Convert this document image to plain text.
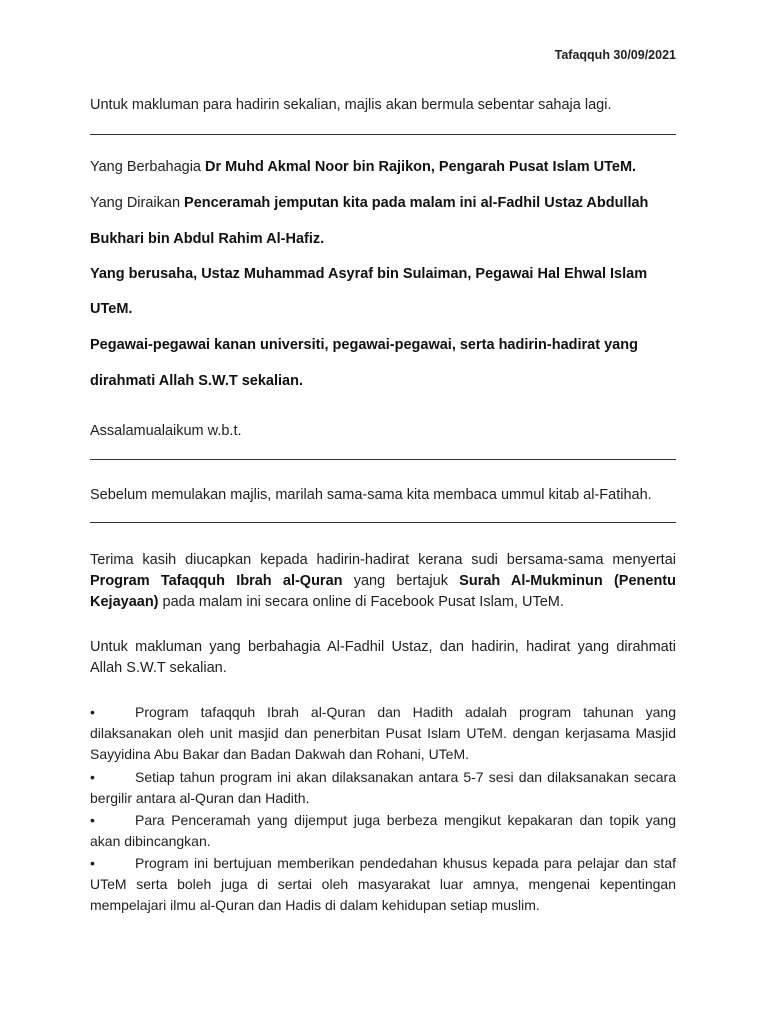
Tafaqquh 30/09/2021
Untuk makluman para hadirin sekalian, majlis akan bermula sebentar sahaja lagi.
Yang Berbahagia Dr Muhd Akmal Noor bin Rajikon, Pengarah Pusat Islam UTeM.
Yang Diraikan Penceramah jemputan kita pada malam ini al-Fadhil Ustaz Abdullah
Bukhari bin Abdul Rahim Al-Hafiz.
Yang berusaha, Ustaz Muhammad Asyraf bin Sulaiman, Pegawai Hal Ehwal Islam
UTeM.
Pegawai-pegawai kanan universiti, pegawai-pegawai, serta hadirin-hadirat yang
dirahmati Allah S.W.T sekalian.
Assalamualaikum w.b.t.
Sebelum memulakan majlis, marilah sama-sama kita membaca ummul kitab al-Fatihah.
Terima kasih diucapkan kepada hadirin-hadirat kerana sudi bersama-sama menyertai Program Tafaqquh Ibrah al-Quran yang bertajuk Surah Al-Mukminun (Penentu Kejayaan) pada malam ini secara online di Facebook Pusat Islam, UTeM.
Untuk makluman yang berbahagia Al-Fadhil Ustaz, dan hadirin, hadirat yang dirahmati Allah S.W.T sekalian.
•	Program tafaqquh Ibrah al-Quran dan Hadith adalah program tahunan yang dilaksanakan oleh unit masjid dan penerbitan Pusat Islam UTeM. dengan kerjasama Masjid Sayyidina Abu Bakar dan Badan Dakwah dan Rohani, UTeM.
•	Setiap tahun program ini akan dilaksanakan antara 5-7 sesi dan dilaksanakan secara bergilir antara al-Quran dan Hadith.
•	Para Penceramah yang dijemput juga berbeza mengikut kepakaran dan topik yang akan dibincangkan.
•	Program ini bertujuan memberikan pendedahan khusus kepada para pelajar dan staf UTeM serta boleh juga di sertai oleh masyarakat luar amnya, mengenai kepentingan mempelajari ilmu al-Quran dan Hadis di dalam kehidupan setiap muslim.
